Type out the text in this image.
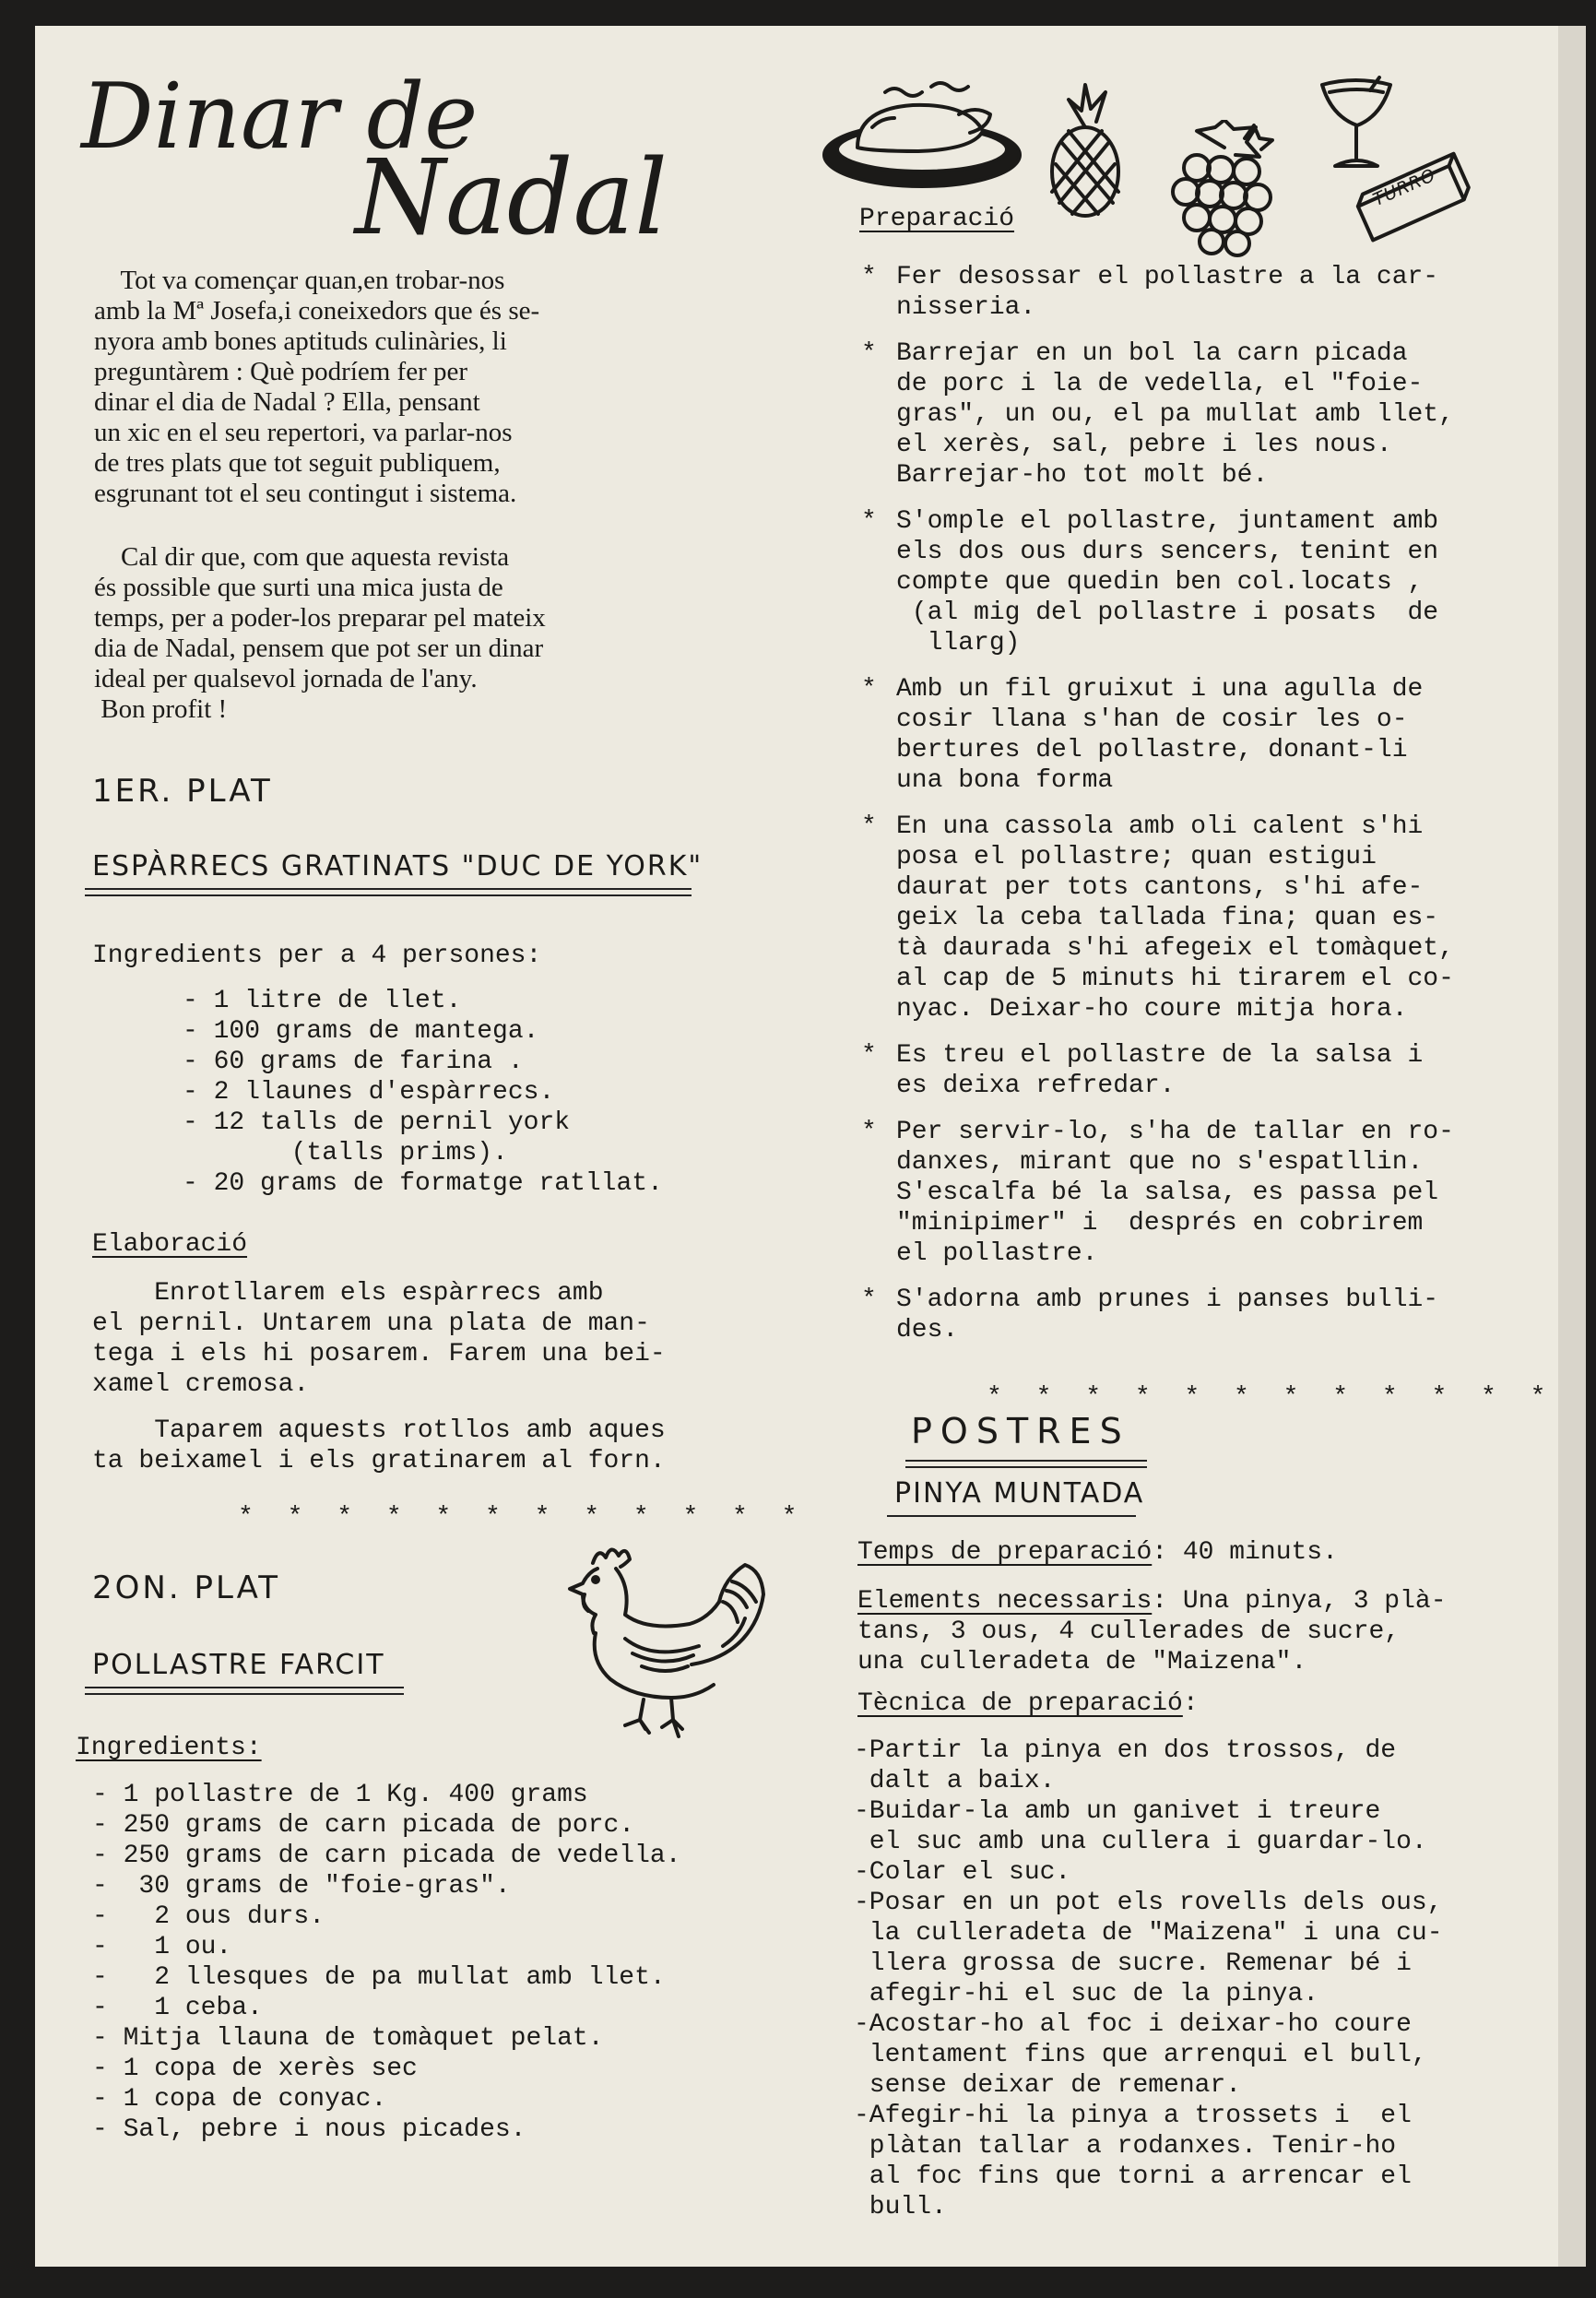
Dinar de
Nadal
Tot va començar quan,en trobar-nos
amb la Mª Josefa,i coneixedors que és se-
nyora amb bones aptituds culinàries, li
preguntàrem : Què podríem fer per
dinar el dia de Nadal ? Ella, pensant
un xic en el seu repertori, va parlar-nos
de tres plats que tot seguit publiquem,
esgrunant tot el seu contingut i sistema.
Cal dir que, com que aquesta revista
és possible que surti una mica justa de
temps, per a poder-los preparar pel mateix
dia de Nadal, pensem que pot ser un dinar
ideal per qualsevol jornada de l'any.
Bon profit !
1ER. PLAT
ESPÀRRECS GRATINATS "DUC DE YORK"
Ingredients per a 4 persones:
- 1 litre de llet.
- 100 grams de mantega.
- 60 grams de farina .
- 2 llaunes d'espàrrecs.
- 12 talls de pernil york
(talls prims).
- 20 grams de formatge ratllat.
Elaboració
Enrotllarem els espàrrecs amb
el pernil. Untarem una plata de man-
tega i els hi posarem. Farem una bei-
xamel cremosa.
Taparem aquests rotllos amb aques
ta beixamel i els gratinarem al forn.
* * * * * * * * * * * *
2ON. PLAT
POLLASTRE FARCIT
Ingredients:
- 1 pollastre de 1 Kg. 400 grams
- 250 grams de carn picada de porc.
- 250 grams de carn picada de vedella.
-  30 grams de "foie-gras".
-   2 ous durs.
-   1 ou.
-   2 llesques de pa mullat amb llet.
-   1 ceba.
- Mitja llauna de tomàquet pelat.
- 1 copa de xerès sec
- 1 copa de conyac.
- Sal, pebre i nous picades.
TURRO
Preparació
* Fer desossar el pollastre a la car-
nisseria.
* Barrejar en un bol la carn picada
de porc i la de vedella, el "foie-
gras", un ou, el pa mullat amb llet,
el xerès, sal, pebre i les nous.
Barrejar-ho tot molt bé.
* S'omple el pollastre, juntament amb
els dos ous durs sencers, tenint en
compte que quedin ben col.locats ,
(al mig del pollastre i posats  de
llarg)
* Amb un fil gruixut i una agulla de
cosir llana s'han de cosir les o-
bertures del pollastre, donant-li
una bona forma
* En una cassola amb oli calent s'hi
posa el pollastre; quan estigui
daurat per tots cantons, s'hi afe-
geix la ceba tallada fina; quan es-
tà daurada s'hi afegeix el tomàquet,
al cap de 5 minuts hi tirarem el co-
nyac. Deixar-ho coure mitja hora.
* Es treu el pollastre de la salsa i
es deixa refredar.
* Per servir-lo, s'ha de tallar en ro-
danxes, mirant que no s'espatllin.
S'escalfa bé la salsa, es passa pel
"minipimer" i  després en cobrirem
el pollastre.
* S'adorna amb prunes i panses bulli-
des.
* * * * * * * * * * * *
POSTRES
PINYA MUNTADA
Temps de preparació: 40 minuts.
Elements necessaris: Una pinya, 3 plà-
tans, 3 ous, 4 cullerades de sucre,
una culleradeta de "Maizena".
Tècnica de preparació:
-Partir la pinya en dos trossos, de
dalt a baix.
-Buidar-la amb un ganivet i treure
el suc amb una cullera i guardar-lo.
-Colar el suc.
-Posar en un pot els rovells dels ous,
la culleradeta de "Maizena" i una cu-
llera grossa de sucre. Remenar bé i
afegir-hi el suc de la pinya.
-Acostar-ho al foc i deixar-ho coure
lentament fins que arrenqui el bull,
sense deixar de remenar.
-Afegir-hi la pinya a trossets i  el
plàtan tallar a rodanxes. Tenir-ho
al foc fins que torni a arrencar el
bull.
